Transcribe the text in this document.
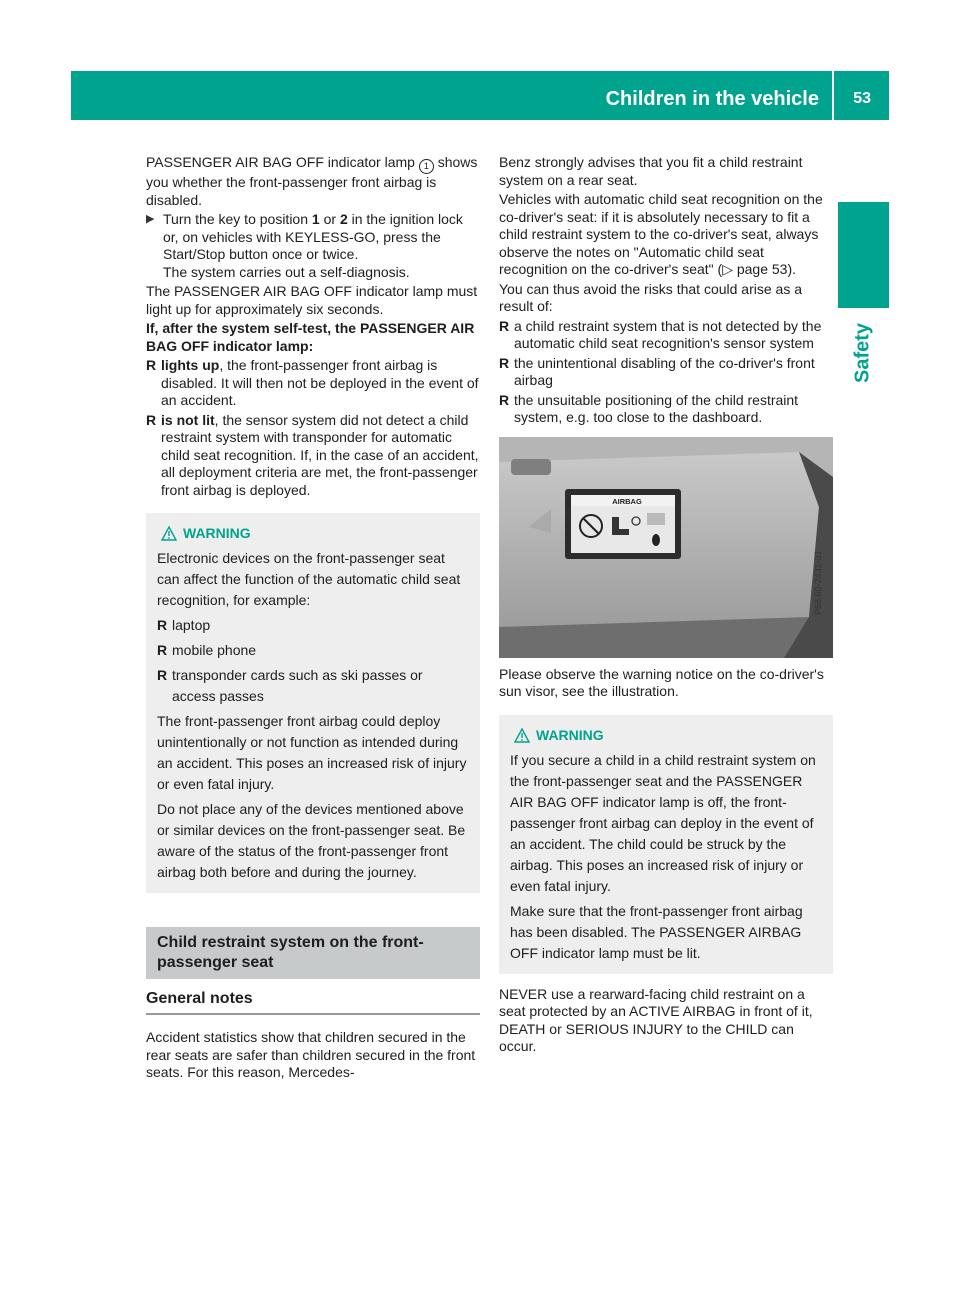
Children in the vehicle 53
Safety

PASSENGER AIR BAG OFF indicator lamp 1 shows you whether the front-passenger front airbag is disabled.

▶ Turn the key to position 1 or 2 in the ignition lock or, on vehicles with KEYLESS-GO, press the Start/Stop button once or twice.
The system carries out a self-diagnosis.

The PASSENGER AIR BAG OFF indicator lamp must light up for approximately six seconds.

If, after the system self-test, the PASSENGER AIR BAG OFF indicator lamp:

R lights up, the front-passenger front airbag is disabled. It will then not be deployed in the event of an accident.
R is not lit, the sensor system did not detect a child restraint system with transponder for automatic child seat recognition. If, in the case of an accident, all deployment criteria are met, the front-passenger front airbag is deployed.
WARNING

Electronic devices on the front-passenger seat can affect the function of the automatic child seat recognition, for example:

R laptop
R mobile phone
R transponder cards such as ski passes or access passes

The front-passenger front airbag could deploy unintentionally or not function as intended during an accident. This poses an increased risk of injury or even fatal injury.

Do not place any of the devices mentioned above or similar devices on the front-passenger seat. Be aware of the status of the front-passenger front airbag both before and during the journey.

Child restraint system on the front-passenger seat
General notes

Accident statistics show that children secured in the rear seats are safer than children secured in the front seats. For this reason, Mercedes-

Benz strongly advises that you fit a child restraint system on a rear seat.

Vehicles with automatic child seat recognition on the co-driver's seat: if it is absolutely necessary to fit a child restraint system to the co-driver's seat, always observe the notes on "Automatic child seat recognition on the co-driver's seat" (▷ page 53).

You can thus avoid the risks that could arise as a result of:

R a child restraint system that is not detected by the automatic child seat recognition's sensor system
R the unintentional disabling of the co-driver's front airbag
R the unsuitable positioning of the child restraint system, e.g. too close to the dashboard.
AIRBAG
P68.60-2431-31

Please observe the warning notice on the co-driver's sun visor, see the illustration.

WARNING

If you secure a child in a child restraint system on the front-passenger seat and the PASSENGER AIR BAG OFF indicator lamp is off, the front-passenger front airbag can deploy in the event of an accident. The child could be struck by the airbag. This poses an increased risk of injury or even fatal injury.

Make sure that the front-passenger front airbag has been disabled. The PASSENGER AIRBAG OFF indicator lamp must be lit.

NEVER use a rearward-facing child restraint on a seat protected by an ACTIVE AIRBAG in front of it, DEATH or SERIOUS INJURY to the CHILD can occur.
